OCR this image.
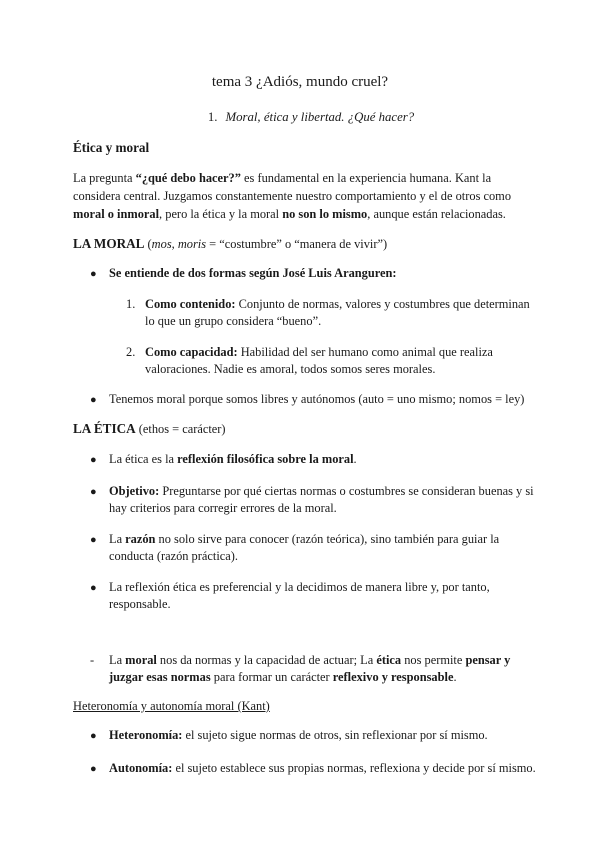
tema 3 ¿Adiós, mundo cruel?
1. Moral, ética y libertad. ¿Qué hacer?
Ética y moral
La pregunta “¿qué debo hacer?” es fundamental en la experiencia humana. Kant la
considera central. Juzgamos constantemente nuestro comportamiento y el de otros como
moral o inmoral, pero la ética y la moral no son lo mismo, aunque están relacionadas.
LA MORAL (mos, moris = “costumbre” o “manera de vivir”)
● Se entiende de dos formas según José Luis Aranguren:
1. Como contenido: Conjunto de normas, valores y costumbres que determinan
lo que un grupo considera “bueno”.
2. Como capacidad: Habilidad del ser humano como animal que realiza
valoraciones. Nadie es amoral, todos somos seres morales.
● Tenemos moral porque somos libres y autónomos (auto = uno mismo; nomos = ley)
LA ÉTICA (ethos = carácter)
● La ética es la reflexión filosófica sobre la moral.
● Objetivo: Preguntarse por qué ciertas normas o costumbres se consideran buenas y si
hay criterios para corregir errores de la moral.
● La razón no solo sirve para conocer (razón teórica), sino también para guiar la
conducta (razón práctica).
● La reflexión ética es preferencial y la decidimos de manera libre y, por tanto,
responsable.
- La moral nos da normas y la capacidad de actuar; La ética nos permite pensar y
juzgar esas normas para formar un carácter reflexivo y responsable.
Heteronomía y autonomía moral (Kant)
● Heteronomía: el sujeto sigue normas de otros, sin reflexionar por sí mismo.
● Autonomía: el sujeto establece sus propias normas, reflexiona y decide por sí mismo.
